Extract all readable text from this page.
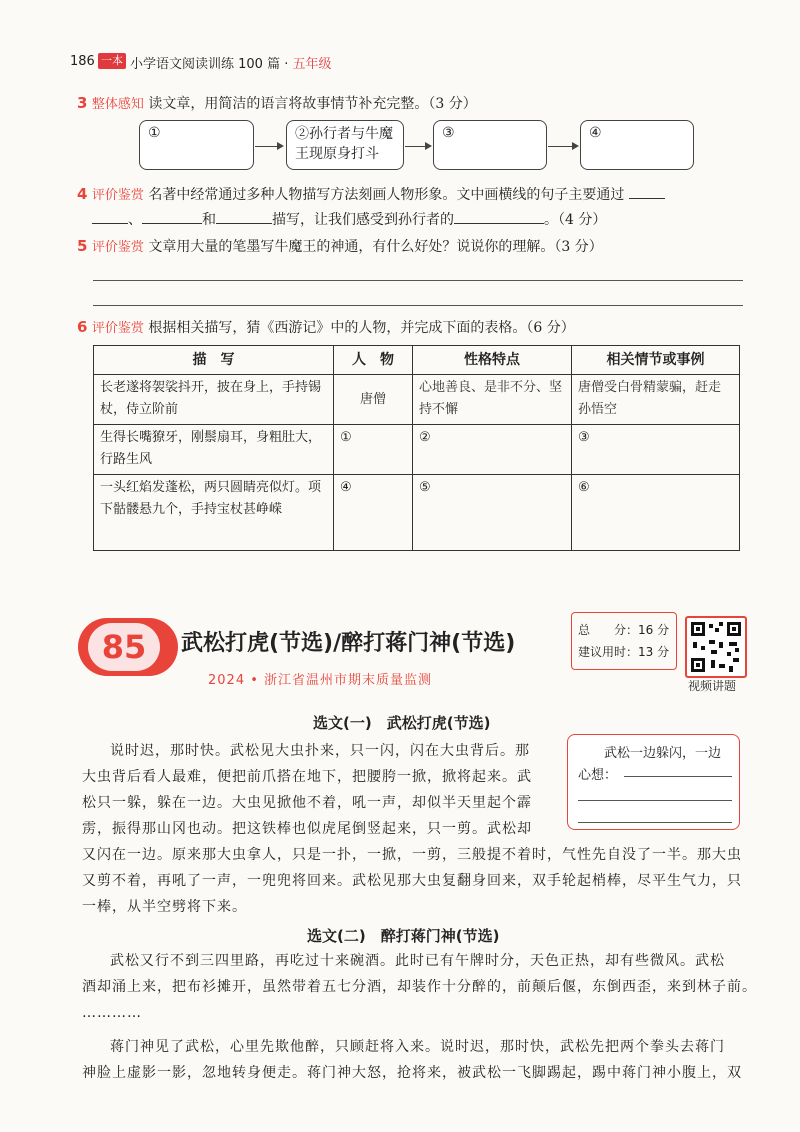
186 一本 小学语文阅读训练 100 篇 · 五年级
3 整体感知 读文章，用简洁的语言将故事情节补充完整。（3 分）
①	②孙行者与牛魔王现原身打斗
③	④
4 评价鉴赏 名著中经常通过多种人物描写方法刻画人物形象。文中画横线的句子主要通过
、	和	描写，让我们感受到孙行者的	。（4 分）
5 评价鉴赏 文章用大量的笔墨写牛魔王的神通，有什么好处？说说你的理解。（3 分）
6 评价鉴赏 根据相关描写，猜《西游记》中的人物，并完成下面的表格。（6 分）
描　写	人　物	性格特点	相关情节或事例
长老遂将袈裟抖开，披在身上，手持锡杖，侍立阶前	唐僧	心地善良、是非不分、坚持不懈	唐僧受白骨精蒙骗，赶走孙悟空
生得长嘴獠牙，刚鬃扇耳，身粗肚大，行路生风	①	②	③
一头红焰发蓬松，两只圆睛亮似灯。项下骷髅悬九个，手持宝杖甚峥嵘	④	⑤	⑥
85	武松打虎(节选)/醉打蒋门神(节选)
2024 • 浙江省温州市期末质量监测
总　　分：16 分
建议用时：13 分
视频讲题
选文(一)　武松打虎(节选)
说时迟，那时快。武松见大虫扑来，只一闪，闪在大虫背后。那
大虫背后看人最难，便把前爪搭在地下，把腰胯一掀，掀将起来。武
松只一躲，躲在一边。大虫见掀他不着，吼一声，却似半天里起个霹
雳，振得那山冈也动。把这铁棒也似虎尾倒竖起来，只一剪。武松却
又闪在一边。原来那大虫拿人，只是一扑，一掀，一剪，三般提不着时，气性先自没了一半。那大虫
又剪不着，再吼了一声，一兜兜将回来。武松见那大虫复翻身回来，双手轮起梢棒，尽平生气力，只
一棒，从半空劈将下来。
武松一边躲闪，一边心想：
选文(二)　醉打蒋门神(节选)
武松又行不到三四里路，再吃过十来碗酒。此时已有午牌时分，天色正热，却有些微风。武松
酒却涌上来，把布衫摊开，虽然带着五七分酒，却装作十分醉的，前颠后偃，东倒西歪，来到林子前。
…………
蒋门神见了武松，心里先欺他醉，只顾赶将入来。说时迟，那时快，武松先把两个拳头去蒋门
神脸上虚影一影，忽地转身便走。蒋门神大怒，抢将来，被武松一飞脚踢起，踢中蒋门神小腹上，双
